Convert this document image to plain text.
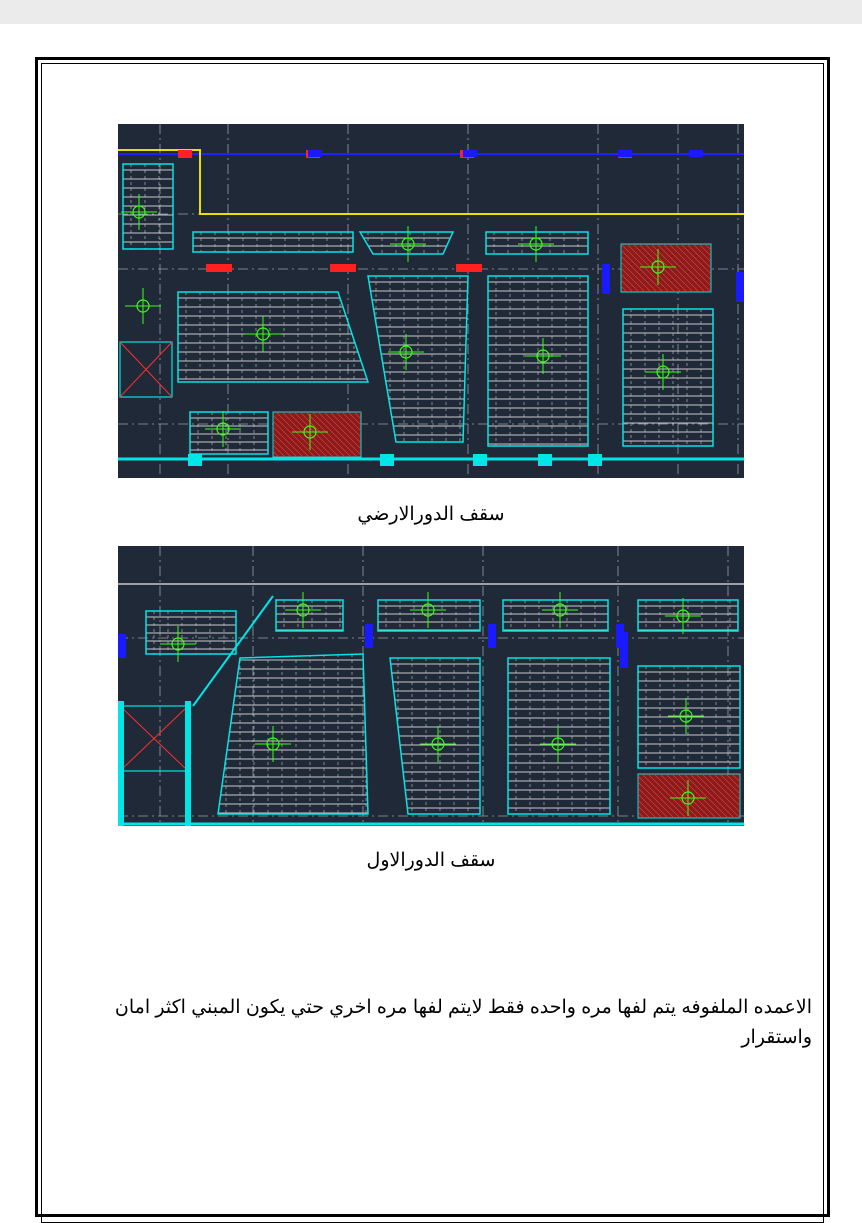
سقف الدورالارضي
سقف الدورالاول
الاعمده الملفوفه يتم لفها مره واحده فقط لايتم لفها مره اخري حتي يكون المبني اكثر امان واستقرار
